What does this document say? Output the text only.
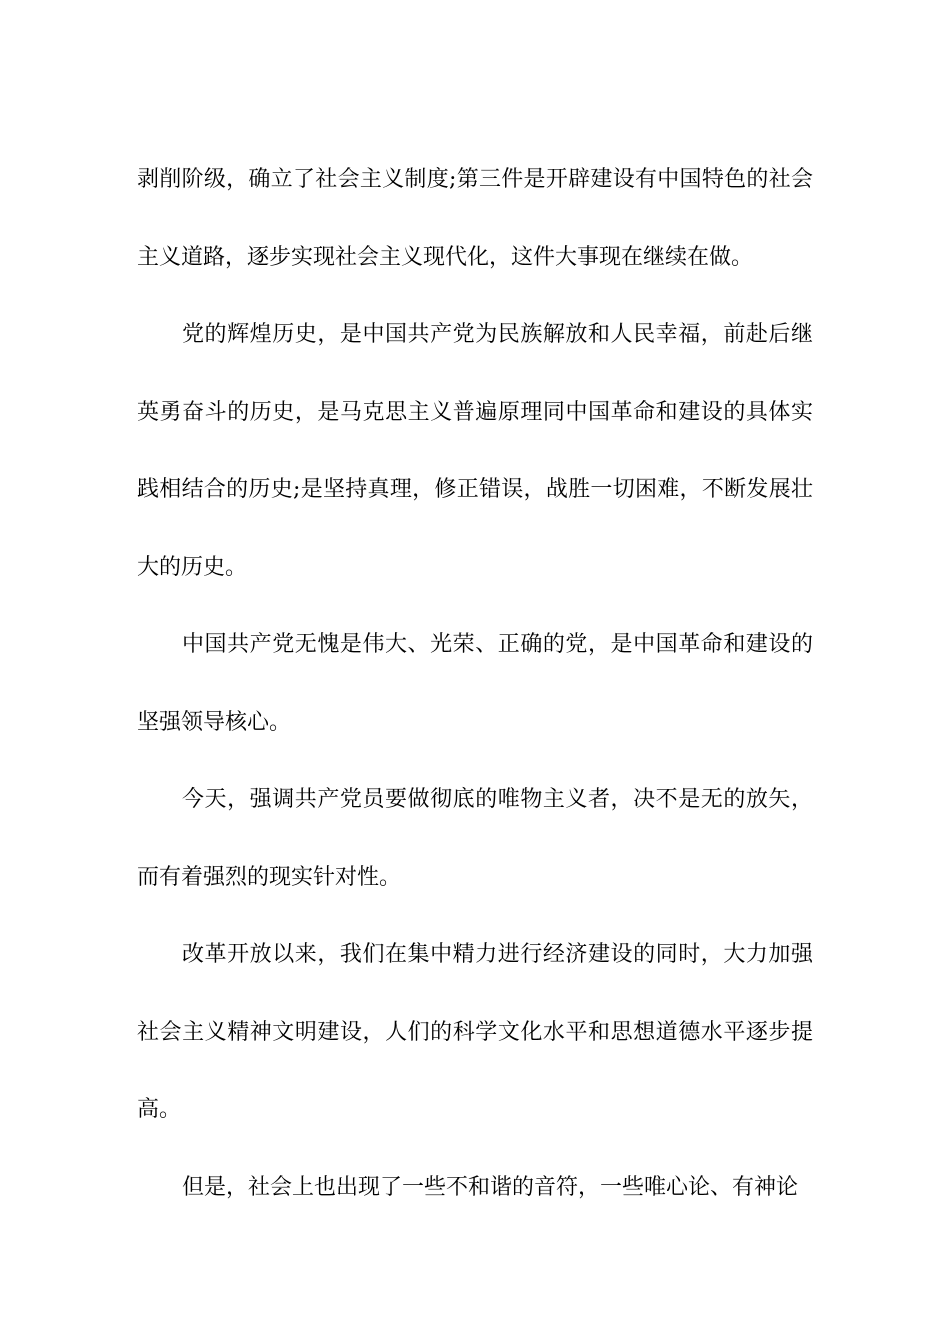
剥削阶级，确立了社会主义制度;第三件是开辟建设有中国特色的社会主义道路，逐步实现社会主义现代化，这件大事现在继续在做。

党的辉煌历史，是中国共产党为民族解放和人民幸福，前赴后继英勇奋斗的历史，是马克思主义普遍原理同中国革命和建设的具体实践相结合的历史;是坚持真理，修正错误，战胜一切困难，不断发展壮大的历史。

中国共产党无愧是伟大、光荣、正确的党，是中国革命和建设的坚强领导核心。

今天，强调共产党员要做彻底的唯物主义者，决不是无的放矢，而有着强烈的现实针对性。

改革开放以来，我们在集中精力进行经济建设的同时，大力加强社会主义精神文明建设，人们的科学文化水平和思想道德水平逐步提高。

但是，社会上也出现了一些不和谐的音符，一些唯心论、有神论
